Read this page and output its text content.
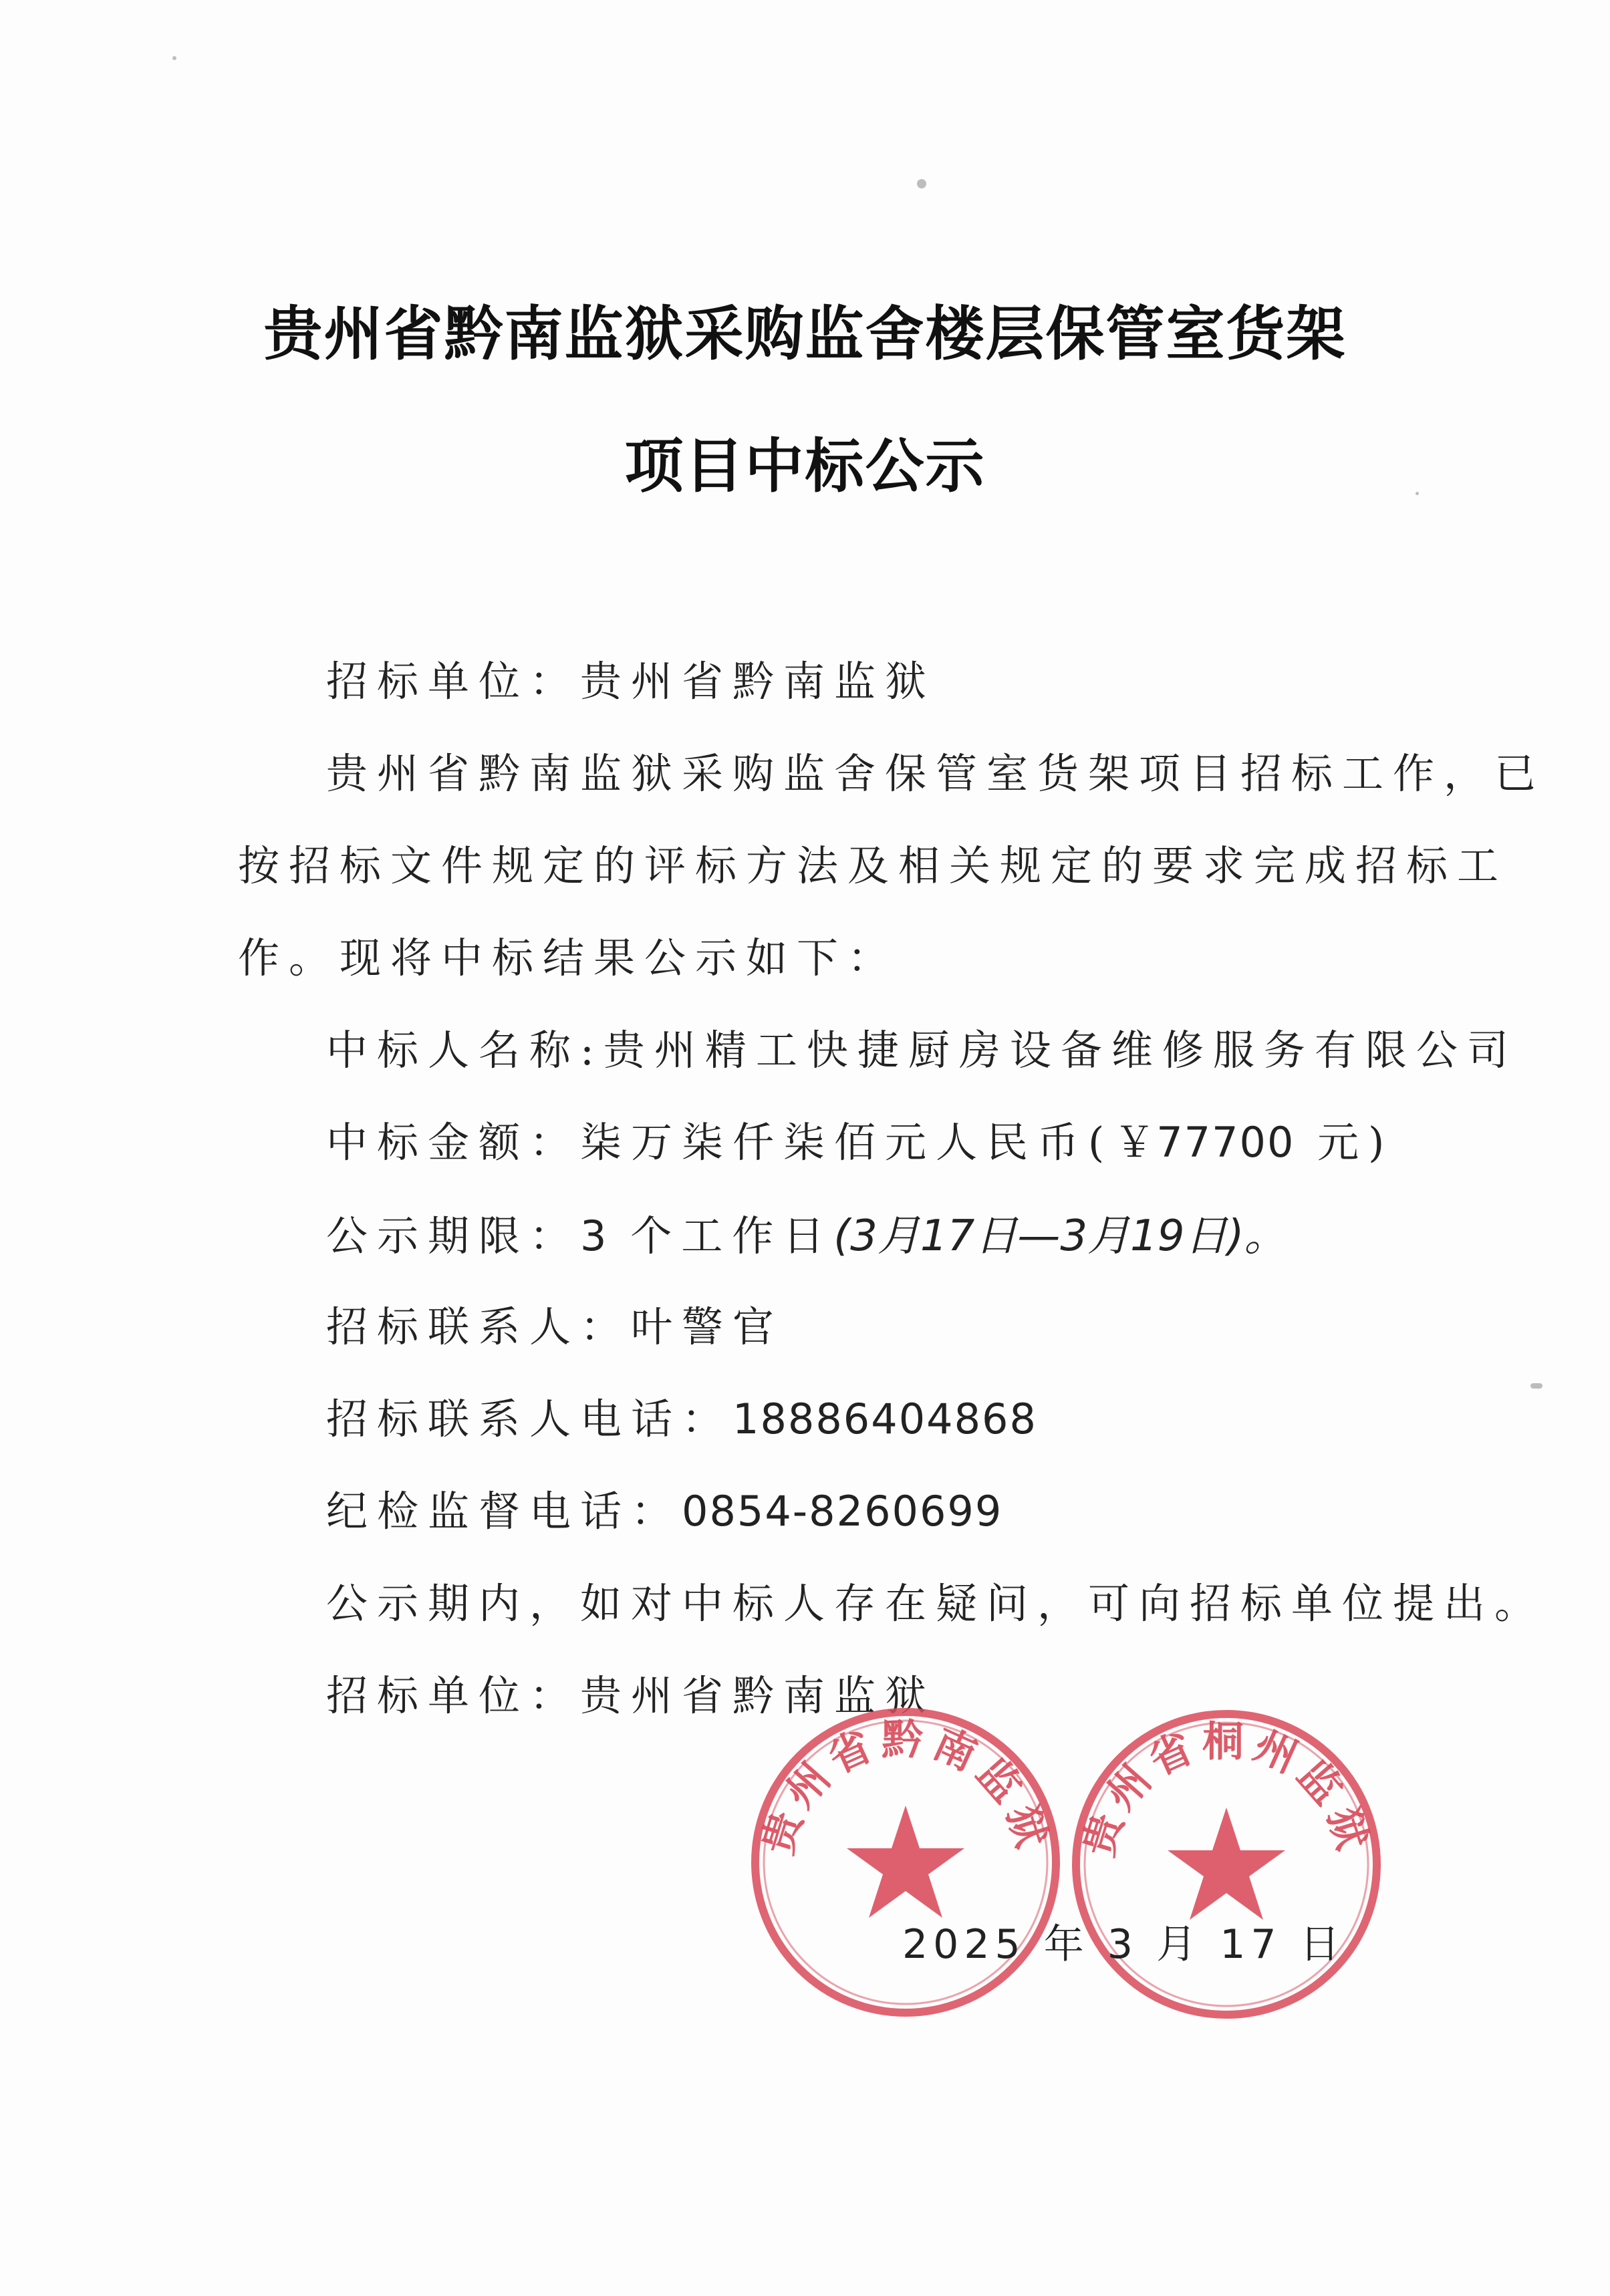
贵州省黔南监狱采购监舍楼层保管室货架
项目中标公示
招标单位：贵州省黔南监狱
贵州省黔南监狱采购监舍保管室货架项目招标工作，已
按招标文件规定的评标方法及相关规定的要求完成招标工
作。现将中标结果公示如下：
中标人名称:贵州精工快捷厨房设备维修服务有限公司
中标金额：柒万柒仟柒佰元人民币(￥77700 元)
公示期限：3 个工作日(3月17日—3月19日)。
招标联系人：叶警官
招标联系人电话：18886404868
纪检监督电话：0854-8260699
公示期内，如对中标人存在疑问，可向招标单位提出。
招标单位：贵州省黔南监狱
贵州省黔南监狱 贵州省桐州监狱
2025 年 3 月 17 日
